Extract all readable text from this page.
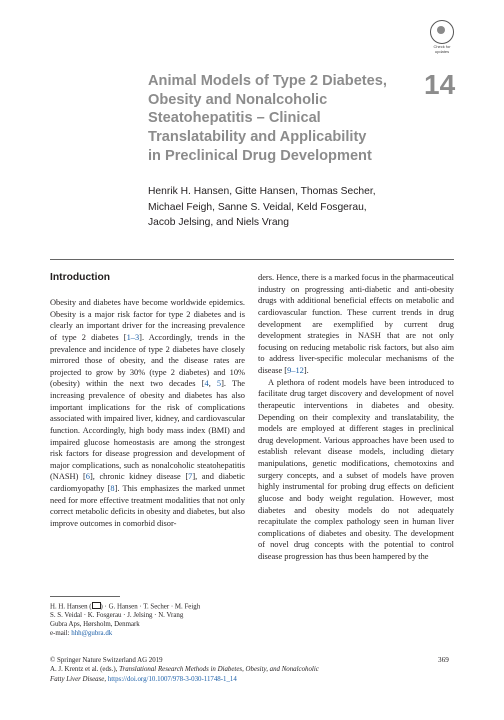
Check for
updates
Animal Models of Type 2 Diabetes,
Obesity and Nonalcoholic
Steatohepatitis – Clinical
Translatability and Applicability
in Preclinical Drug Development
14
Henrik H. Hansen, Gitte Hansen, Thomas Secher,
Michael Feigh, Sanne S. Veidal, Keld Fosgerau,
Jacob Jelsing, and Niels Vrang
Introduction

Obesity and diabetes have become worldwide epidemics. Obesity is a major risk factor for type 2 diabetes and is clearly an important driver for the increasing prevalence of type 2 diabetes [1–3]. Accordingly, trends in the prevalence and incidence of type 2 diabetes have closely mirrored those of obesity, and the disease rates are projected to grow by 30% (type 2 diabetes) and 10% (obesity) within the next two decades [4, 5]. The increasing prevalence of obesity and diabetes has also important implications for the risk of complications associated with impaired liver, kidney, and cardiovascular function. Accordingly, high body mass index (BMI) and impaired glucose homeostasis are among the strongest risk factors for disease progression and development of major complications, such as nonalcoholic steatohepatitis (NASH) [6], chronic kidney disease [7], and diabetic cardiomyopathy [8]. This emphasizes the marked unmet need for more effective treatment modalities that not only correct metabolic deficits in obesity and diabetes, but also improve outcomes in comorbid disor-

ders. Hence, there is a marked focus in the pharmaceutical industry on progressing anti-diabetic and anti-obesity drugs with additional beneficial effects on metabolic and cardiovascular function. These current trends in drug development are exemplified by current drug development strategies in NASH that are not only focusing on reducing metabolic risk factors, but also aim to address liver-specific molecular mechanisms of the disease [9–12].

A plethora of rodent models have been introduced to facilitate drug target discovery and development of novel therapeutic interventions in diabetes and obesity. Depending on their complexity and translatability, the models are employed at different stages in preclinical drug development. Various approaches have been used to establish relevant disease models, including dietary manipulations, genetic modifications, chemotoxins and surgery concepts, and a subset of models have proven highly instrumental for probing drug effects on deficient glucose and body weight regulation. However, most diabetes and obesity models do not adequately recapitulate the complex pathology seen in human liver complications of diabetes and obesity. The development of novel drug concepts with the potential to control disease progression has thus been hampered by the

H. H. Hansen ( ) · G. Hansen · T. Secher · M. Feigh
S. S. Veidal · K. Fosgerau · J. Jelsing · N. Vrang
Gubra Aps, Hørsholm, Denmark
e-mail: hhh@gubra.dk
© Springer Nature Switzerland AG 2019
A. J. Krentz et al. (eds.), Translational Research Methods in Diabetes, Obesity, and Nonalcoholic
Fatty Liver Disease, https://doi.org/10.1007/978-3-030-11748-1_14
369
